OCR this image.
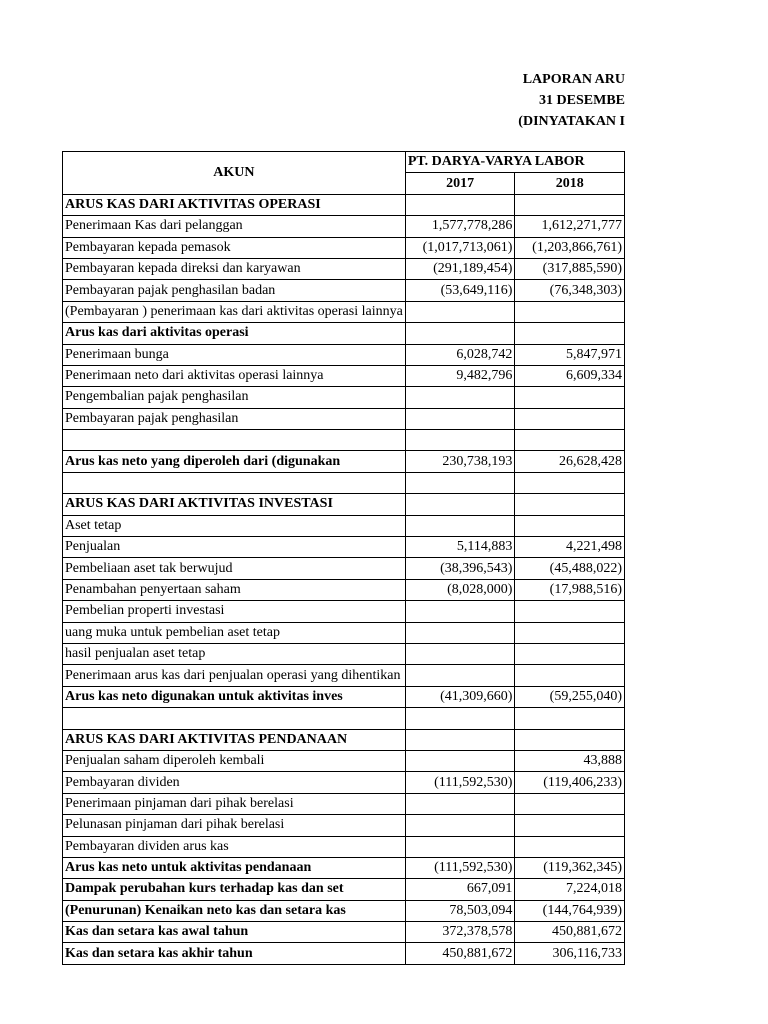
LAPORAN ARU
31 DESEMBE
(DINYATAKAN I
AKUN	PT. DARYA-VARYA LABOR	

	2017	2018

ARUS KAS DARI AKTIVITAS OPERASI		

Penerimaan Kas dari pelanggan	1,577,778,286	1,612,271,777

Pembayaran kepada pemasok	(1,017,713,061)	(1,203,866,761)

Pembayaran kepada direksi dan karyawan	(291,189,454)	(317,885,590)

Pembayaran pajak penghasilan badan	(53,649,116)	(76,348,303)

(Pembayaran ) penerimaan kas dari aktivitas operasi lainnya		

Arus kas dari aktivitas operasi		

Penerimaan bunga	6,028,742	5,847,971

Penerimaan neto dari aktivitas operasi lainnya	9,482,796	6,609,334

Pengembalian pajak penghasilan		

Pembayaran pajak penghasilan		

Arus kas neto yang diperoleh dari (digunakan	230,738,193	26,628,428

ARUS KAS DARI AKTIVITAS INVESTASI		

Aset tetap		

Penjualan	5,114,883	4,221,498

Pembeliaan aset tak berwujud	(38,396,543)	(45,488,022)

Penambahan penyertaan saham	(8,028,000)	(17,988,516)

Pembelian properti investasi		

uang muka untuk pembelian aset tetap		

hasil penjualan aset tetap		

Penerimaan arus kas dari penjualan operasi yang dihentikan		

Arus kas neto digunakan untuk aktivitas inves	(41,309,660)	(59,255,040)

ARUS KAS DARI AKTIVITAS PENDANAAN		

Penjualan saham diperoleh kembali		43,888

Pembayaran dividen	(111,592,530)	(119,406,233)

Penerimaan pinjaman dari pihak berelasi		

Pelunasan pinjaman dari pihak berelasi		

Pembayaran dividen arus kas		

Arus kas neto untuk aktivitas pendanaan	(111,592,530)	(119,362,345)

Dampak perubahan kurs terhadap kas dan set	667,091	7,224,018

(Penurunan) Kenaikan neto kas dan setara kas	78,503,094	(144,764,939)

Kas dan setara kas awal tahun	372,378,578	450,881,672

Kas dan setara kas akhir tahun	450,881,672	306,116,733
